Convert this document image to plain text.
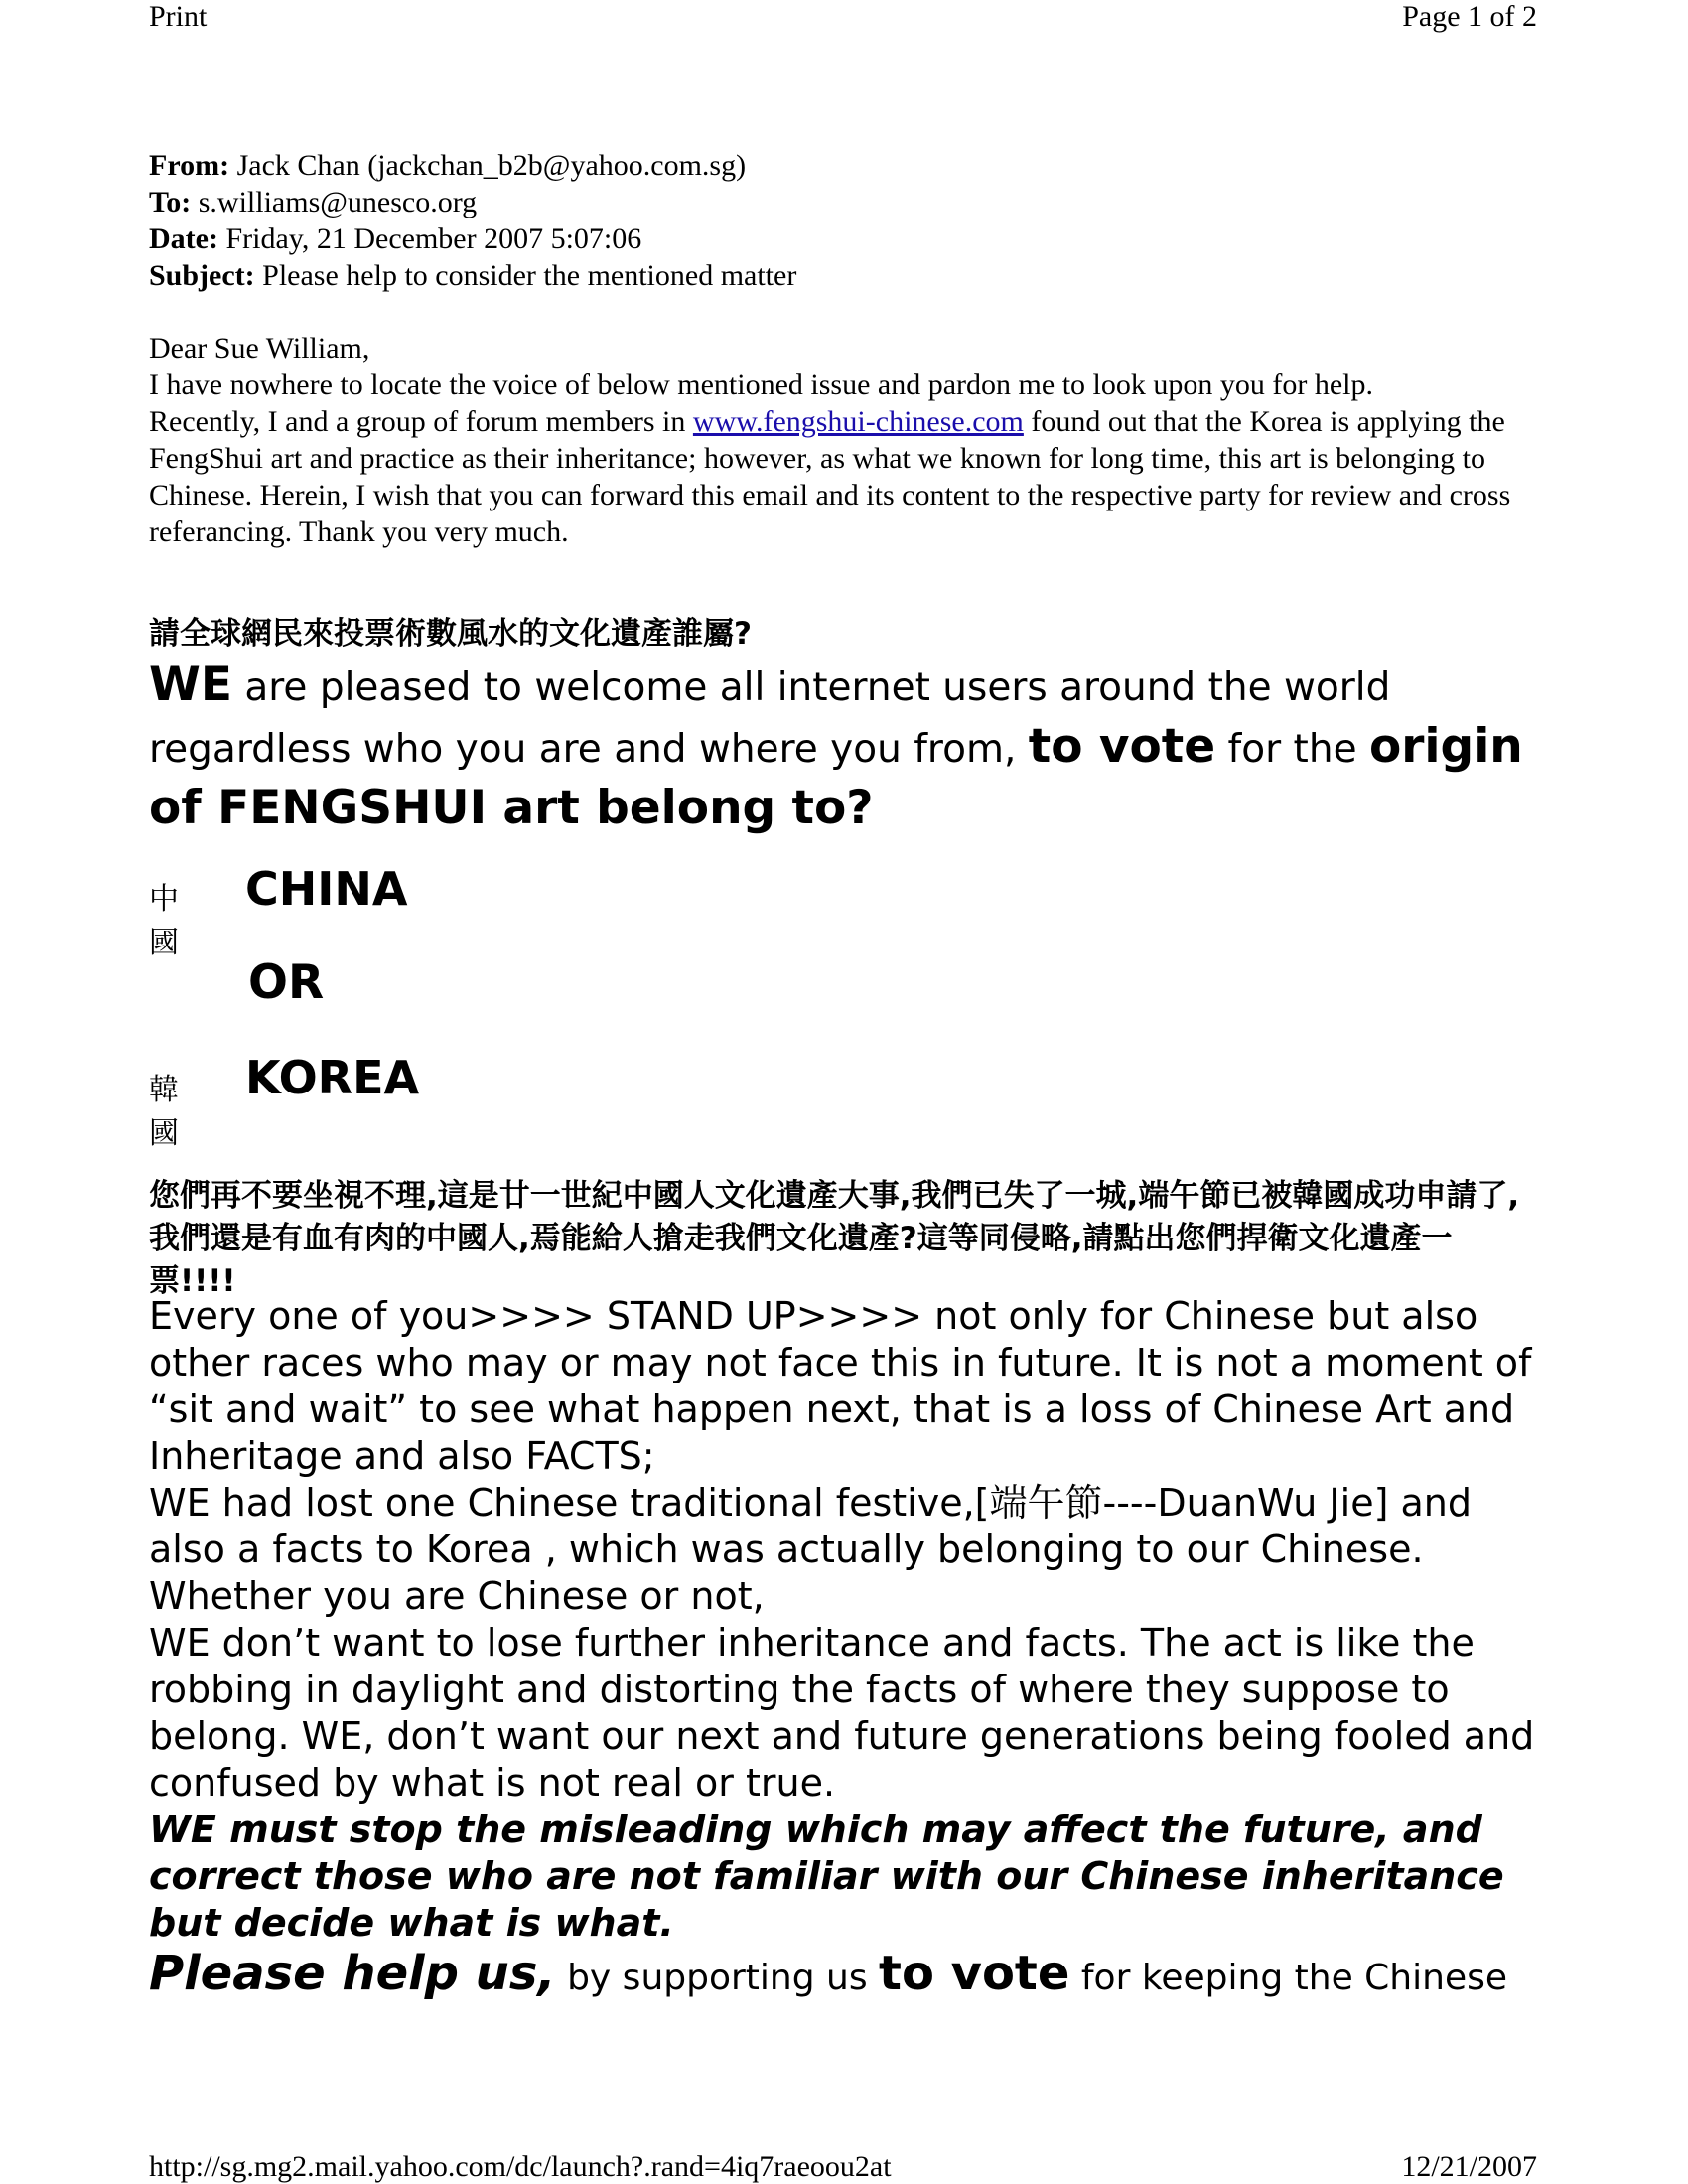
Print	Page 1 of 2
From: Jack Chan (jackchan_b2b@yahoo.com.sg)
To: s.williams@unesco.org
Date: Friday, 21 December 2007 5:07:06
Subject: Please help to consider the mentioned matter
Dear Sue William,
I have nowhere to locate the voice of below mentioned issue and pardon me to look upon you for help.
Recently, I and a group of forum members in www.fengshui-chinese.com found out that the Korea is applying the FengShui art and practice as their inheritance; however, as what we known for long time, this art is belonging to Chinese. Herein, I wish that you can forward this email and its content to the respective party for review and cross referancing. Thank you very much.
請全球網民來投票術數風水的文化遺產誰屬?
WE are pleased to welcome all internet users around the world regardless who you are and where you from, to vote for the origin of FENGSHUI art belong to?
中國
CHINA
OR
韓國
KOREA
您們再不要坐視不理,這是廿一世紀中國人文化遺產大事,我們已失了一城,端午節已被韓國成功申請了,我們還是有血有肉的中國人,焉能給人搶走我們文化遺產?這等同侵略,請點出您們捍衛文化遺產一票!!!!

Every one of you>>>> STAND UP>>>> not only for Chinese but also other races who may or may not face this in future. It is not a moment of “sit and wait” to see what happen next, that is a loss of Chinese Art and Inheritage and also FACTS;

WE had lost one Chinese traditional festive,[端午節----DuanWu Jie] and also a facts to Korea , which was actually belonging to our Chinese.

Whether you are Chinese or not,

WE don’t want to lose further inheritance and facts. The act is like the robbing in daylight and distorting the facts of where they suppose to belong. WE, don’t want our next and future generations being fooled and confused by what is not real or true.

WE must stop the misleading which may affect the future, and correct those who are not familiar with our Chinese inheritance but decide what is what.

Please help us, by supporting us to vote for keeping the Chinese

http://sg.mg2.mail.yahoo.com/dc/launch?.rand=4iq7raeoou2at	12/21/2007
